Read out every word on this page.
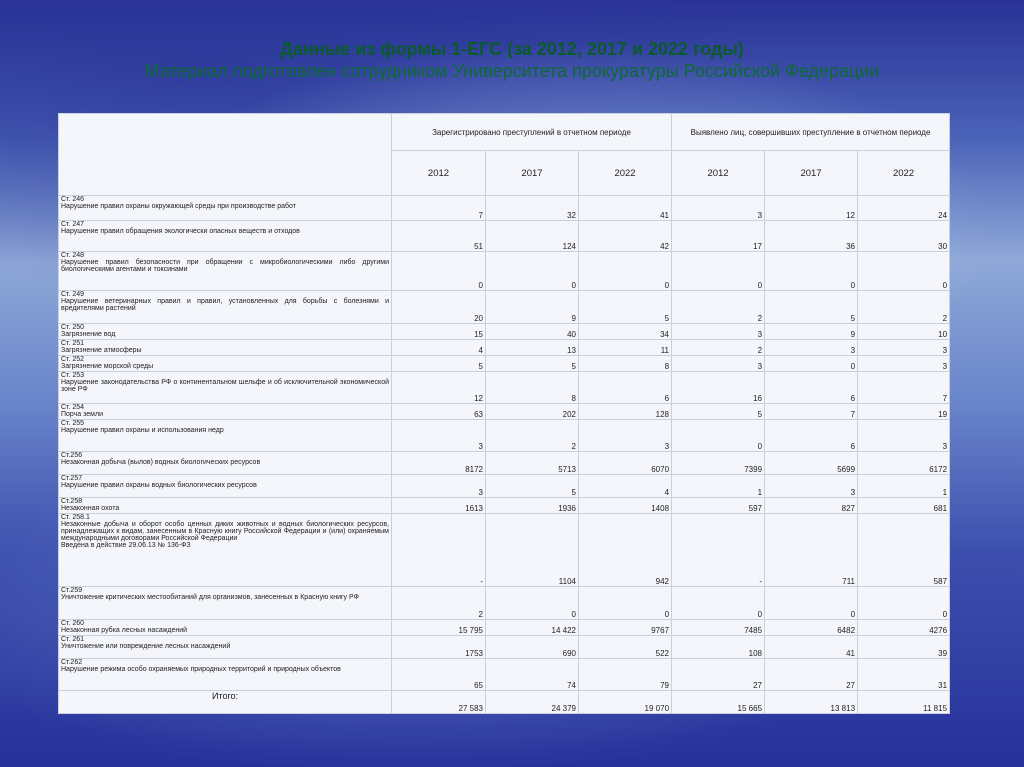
Данные из формы 1-ЕГС (за 2012, 2017 и 2022 годы)
Материал подготовлен сотрудником Университета прокуратуры Российской Федерации
	Зарегистрировано преступлений в отчетном периоде			Выявлено лиц, совершивших преступление в отчетном периоде		
	2012	2017	2022	2012	2017	2022

Ст. 246
Нарушение правил охраны окружающей среды при производстве работ	7	32	41	3	12	24

Ст. 247
Нарушение правил обращения экологически опасных веществ и отходов	51	124	42	17	36	30

Ст. 248
Нарушение правил безопасности при обращении с микробиологическими либо другими биологическими агентами и токсинами	0	0	0	0	0	0

Ст. 249
Нарушение ветеринарных правил и правил, установленных для борьбы с болезнями и вредителями растений	20	9	5	2	5	2

Ст. 250
Загрязнение вод	15	40	34	3	9	10

Ст. 251
Загрязнение атмосферы	4	13	11	2	3	3

Ст. 252
Загрязнение морской среды	5	5	8	3	0	3

Ст. 253
Нарушение законодательства РФ о континентальном шельфе и об исключительной экономической зоне РФ	12	8	6	16	6	7

Ст. 254
Порча земли	63	202	128	5	7	19

Ст. 255
Нарушение правил охраны и использования недр	3	2	3	0	6	3

Ст.256
Незаконная добыча (вылов) водных биологических ресурсов	8172	5713	6070	7399	5699	6172

Ст.257
Нарушение правил охраны водных биологических ресурсов	3	5	4	1	3	1

Ст.258
Незаконная охота	1613	1936	1408	597	827	681

Ст. 258.1
Незаконные добыча и оборот особо ценных диких животных и водных биологических ресурсов, принадлежащих к видам, занесенным в Красную книгу Российской Федерации и (или) охраняемым международными договорами Российской Федерации
Введена в действие 29.06.13 № 136-ФЗ	-	1104	942	-	711	587

Ст.259
Уничтожение критических местообитаний для организмов, занесенных в Красную книгу РФ	2	0	0	0	0	0

Ст. 260
Незаконная рубка лесных насаждений	15 795	14 422	9767	7485	6482	4276

Ст. 261
Уничтожение или повреждение лесных насаждений	1753	690	522	108	41	39

Ст.262
Нарушение режима особо охраняемых природных территорий и природных объектов	65	74	79	27	27	31
Итого:	27 583	24 379	19 070	15 665	13 813	11 815
